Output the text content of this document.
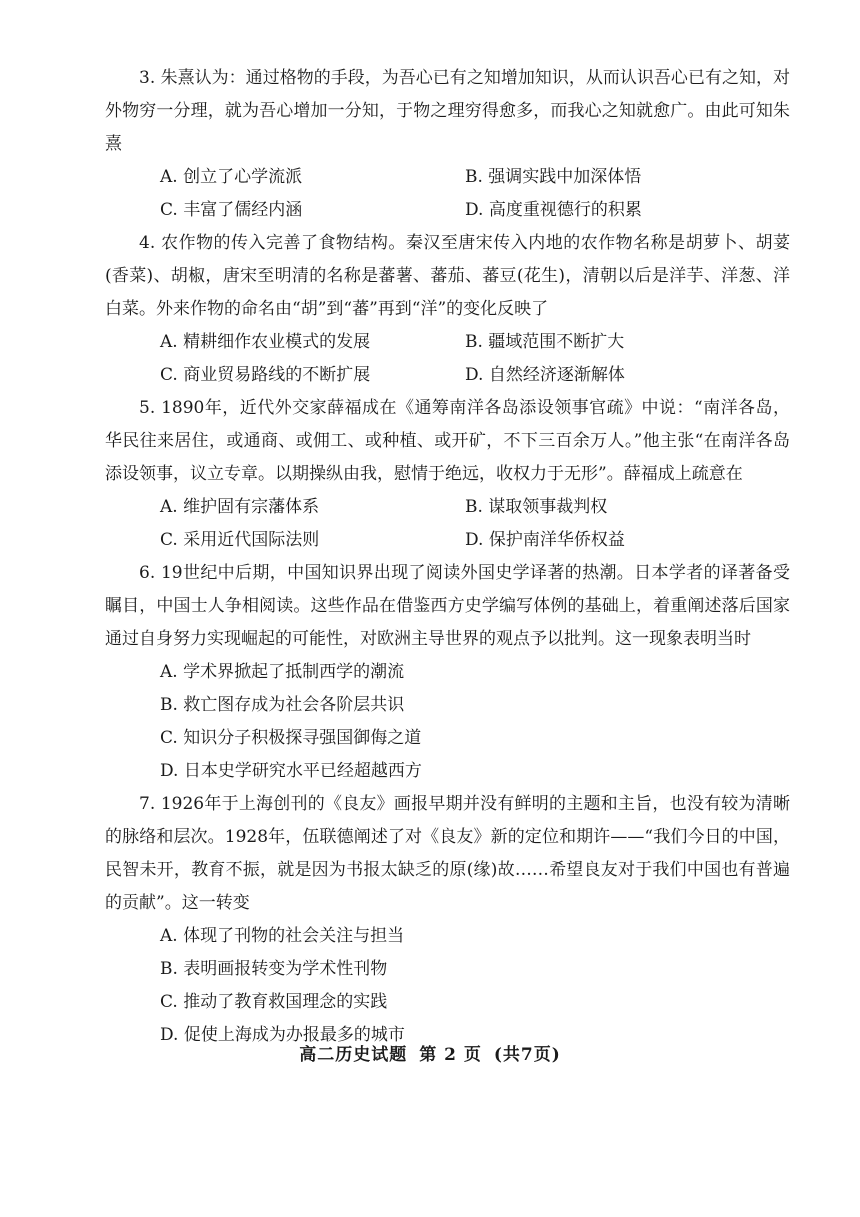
3. 朱熹认为：通过格物的手段，为吾心已有之知增加知识，从而认识吾心已有之知，对外物穷一分理，就为吾心增加一分知，于物之理穷得愈多，而我心之知就愈广。由此可知朱熹

A. 创立了心学流派	B. 强调实践中加深体悟
C. 丰富了儒经内涵	D. 高度重视德行的积累

4. 农作物的传入完善了食物结构。秦汉至唐宋传入内地的农作物名称是胡萝卜、胡荽(香菜)、胡椒，唐宋至明清的名称是蕃薯、蕃茄、蕃豆(花生)，清朝以后是洋芋、洋葱、洋白菜。外来作物的命名由“胡”到“蕃”再到“洋”的变化反映了

A. 精耕细作农业模式的发展	B. 疆域范围不断扩大
C. 商业贸易路线的不断扩展	D. 自然经济逐渐解体

5. 1890年，近代外交家薛福成在《通筹南洋各岛添设领事官疏》中说：“南洋各岛，华民往来居住，或通商、或佣工、或种植、或开矿，不下三百余万人。”他主张“在南洋各岛添设领事，议立专章。以期操纵由我，慰情于绝远，收权力于无形”。薛福成上疏意在

A. 维护固有宗藩体系	B. 谋取领事裁判权
C. 采用近代国际法则	D. 保护南洋华侨权益

6. 19世纪中后期，中国知识界出现了阅读外国史学译著的热潮。日本学者的译著备受瞩目，中国士人争相阅读。这些作品在借鉴西方史学编写体例的基础上，着重阐述落后国家通过自身努力实现崛起的可能性，对欧洲主导世界的观点予以批判。这一现象表明当时

A. 学术界掀起了抵制西学的潮流
B. 救亡图存成为社会各阶层共识
C. 知识分子积极探寻强国御侮之道
D. 日本史学研究水平已经超越西方

7. 1926年于上海创刊的《良友》画报早期并没有鲜明的主题和主旨，也没有较为清晰的脉络和层次。1928年，伍联德阐述了对《良友》新的定位和期许——“我们今日的中国，民智未开，教育不振，就是因为书报太缺乏的原(缘)故……希望良友对于我们中国也有普遍的贡献”。这一转变

A. 体现了刊物的社会关注与担当
B. 表明画报转变为学术性刊物
C. 推动了教育救国理念的实践
D. 促使上海成为办报最多的城市
高二历史试题 第 2 页 (共7页)
